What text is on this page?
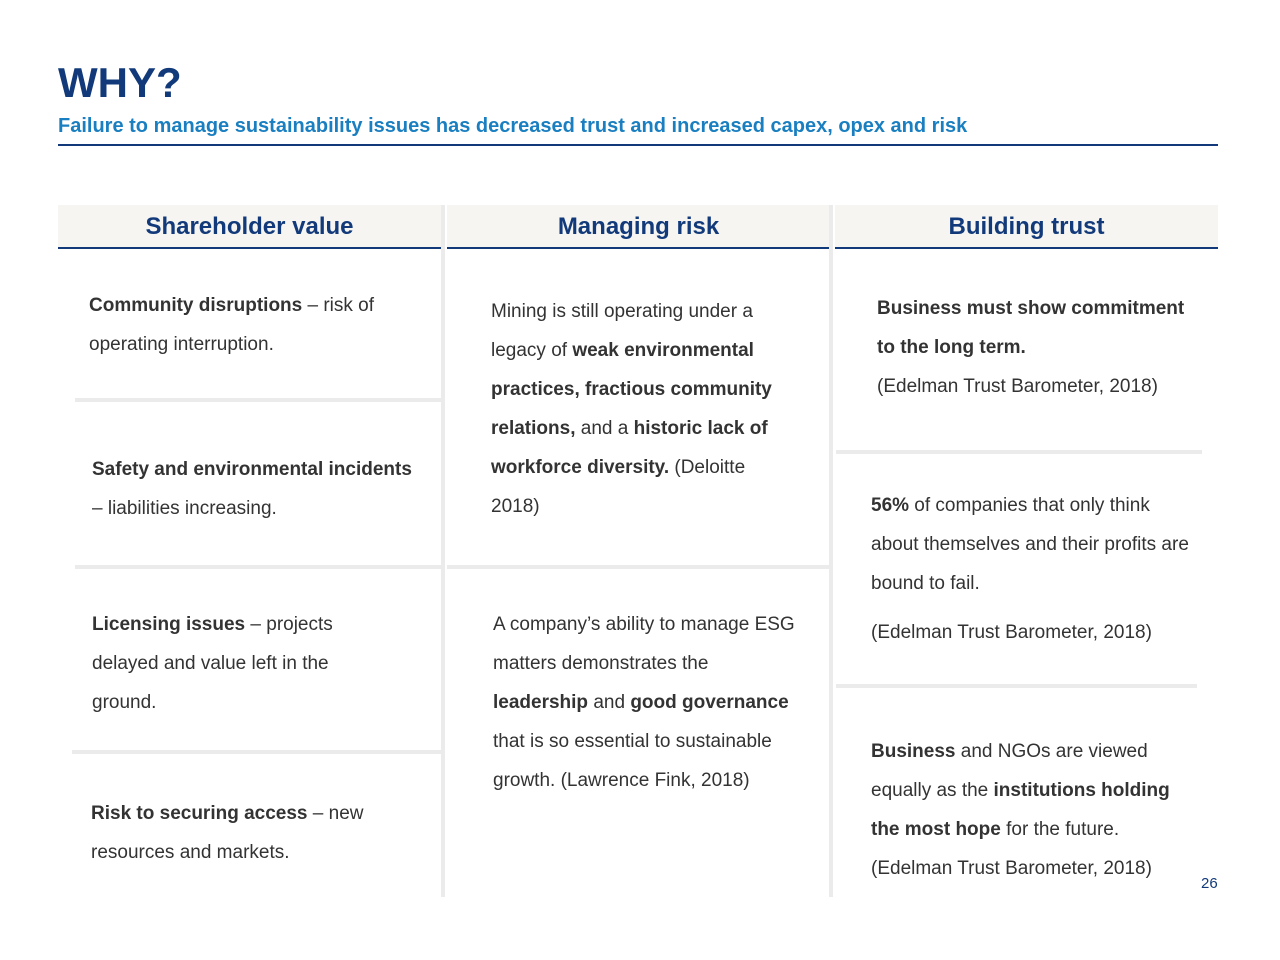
WHY?

Failure to manage sustainability issues has decreased trust and increased capex, opex and risk

Shareholder value	Managing risk	Building trust

Community disruptions – risk of operating interruption.

Safety and environmental incidents – liabilities increasing.

Licensing issues – projects delayed and value left in the ground.

Risk to securing access – new resources and markets.

Mining is still operating under a legacy of weak environmental practices, fractious community relations, and a historic lack of workforce diversity. (Deloitte 2018)

A company’s ability to manage ESG matters demonstrates the leadership and good governance that is so essential to sustainable growth. (Lawrence Fink, 2018)

Business must show commitment to the long term.
(Edelman Trust Barometer, 2018)

56% of companies that only think about themselves and their profits are bound to fail.

(Edelman Trust Barometer, 2018)

Business and NGOs are viewed equally as the institutions holding the most hope for the future.
(Edelman Trust Barometer, 2018)

26
